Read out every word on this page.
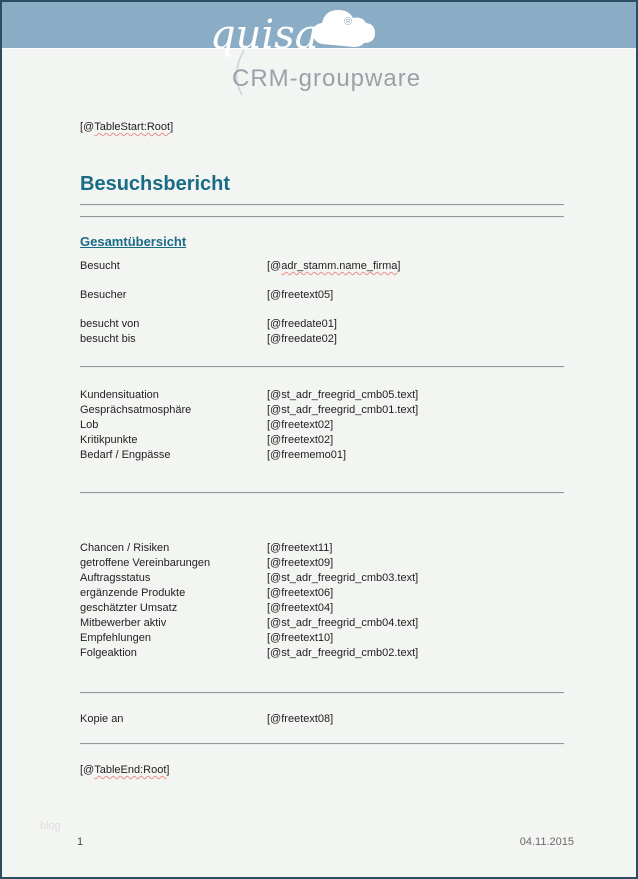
®
quisa
CRM-groupware
[@TableStart:Root]
Besuchsbericht
Gesamtübersicht
Besucht	[@adr_stamm.name_firma]
Besucher	[@freetext05]
besucht von	[@freedate01]
besucht bis	[@freedate02]
Kundensituation	[@st_adr_freegrid_cmb05.text]
Gesprächsatmosphäre	[@st_adr_freegrid_cmb01.text]
Lob	[@freetext02]
Kritikpunkte	[@freetext02]
Bedarf / Engpässe	[@freememo01]
Chancen / Risiken	[@freetext11]
getroffene Vereinbarungen	[@freetext09]
Auftragsstatus	[@st_adr_freegrid_cmb03.text]
ergänzende Produkte	[@freetext06]
geschätzter Umsatz	[@freetext04]
Mitbewerber aktiv	[@st_adr_freegrid_cmb04.text]
Empfehlungen	[@freetext10]
Folgeaktion	[@st_adr_freegrid_cmb02.text]
Kopie an	[@freetext08]
[@TableEnd:Root]
blog
1	04.11.2015
